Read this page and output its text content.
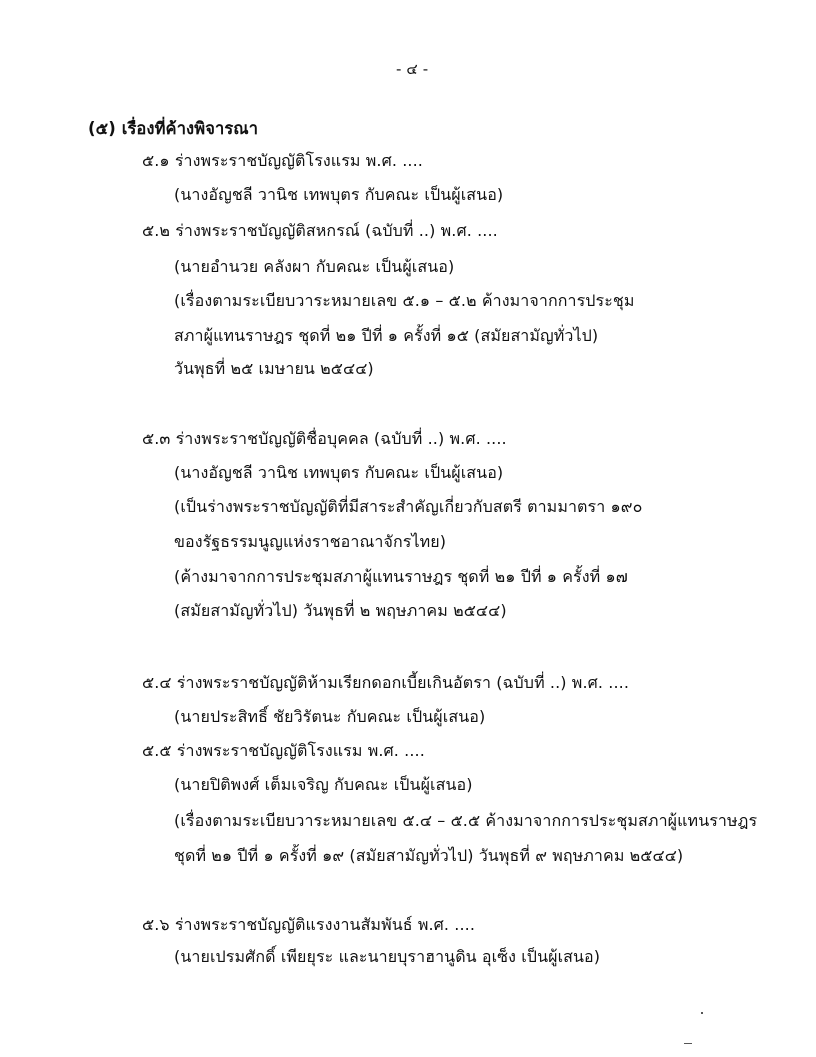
- ๔ -
(๕) เรื่องที่ค้างพิจารณา
๕.๑ ร่างพระราชบัญญัติโรงแรม พ.ศ. ....
(นางอัญชลี วานิช เทพบุตร กับคณะ เป็นผู้เสนอ)
๕.๒ ร่างพระราชบัญญัติสหกรณ์ (ฉบับที่ ..) พ.ศ. ....
(นายอำนวย คลังผา กับคณะ เป็นผู้เสนอ)
(เรื่องตามระเบียบวาระหมายเลข ๕.๑ – ๕.๒ ค้างมาจากการประชุม
สภาผู้แทนราษฎร ชุดที่ ๒๑ ปีที่ ๑ ครั้งที่ ๑๕ (สมัยสามัญทั่วไป)
วันพุธที่ ๒๕ เมษายน ๒๕๔๔)
๕.๓ ร่างพระราชบัญญัติชื่อบุคคล (ฉบับที่ ..) พ.ศ. ....
(นางอัญชลี วานิช เทพบุตร กับคณะ เป็นผู้เสนอ)
(เป็นร่างพระราชบัญญัติที่มีสาระสำคัญเกี่ยวกับสตรี ตามมาตรา ๑๙๐
ของรัฐธรรมนูญแห่งราชอาณาจักรไทย)
(ค้างมาจากการประชุมสภาผู้แทนราษฎร ชุดที่ ๒๑ ปีที่ ๑ ครั้งที่ ๑๗
(สมัยสามัญทั่วไป) วันพุธที่ ๒ พฤษภาคม ๒๕๔๔)
๕.๔ ร่างพระราชบัญญัติห้ามเรียกดอกเบี้ยเกินอัตรา (ฉบับที่ ..) พ.ศ. ....
(นายประสิทธิ์ ชัยวิรัตนะ กับคณะ เป็นผู้เสนอ)
๕.๕ ร่างพระราชบัญญัติโรงแรม พ.ศ. ....
(นายปิติพงศ์ เต็มเจริญ กับคณะ เป็นผู้เสนอ)
(เรื่องตามระเบียบวาระหมายเลข ๕.๔ – ๕.๕ ค้างมาจากการประชุมสภาผู้แทนราษฎร
ชุดที่ ๒๑ ปีที่ ๑ ครั้งที่ ๑๙ (สมัยสามัญทั่วไป) วันพุธที่ ๙ พฤษภาคม ๒๕๔๔)
๕.๖ ร่างพระราชบัญญัติแรงงานสัมพันธ์ พ.ศ. ....
(นายเปรมศักดิ์ เพียยุระ และนายบุราฮานูดิน อุเซ็ง เป็นผู้เสนอ)
